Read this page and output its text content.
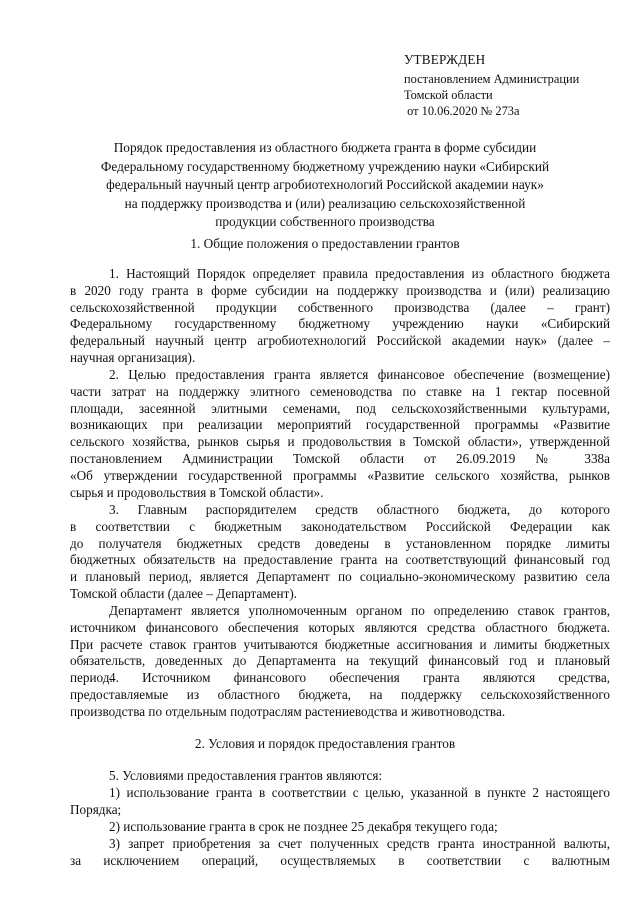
УТВЕРЖДЕН
постановлением Администрации
Томской области
от 10.06.2020 № 273а
Порядок предоставления из областного бюджета гранта в форме субсидии
Федеральному государственному бюджетному учреждению науки «Сибирский
федеральный научный центр агробиотехнологий Российской академии наук»
на поддержку производства и (или) реализацию сельскохозяйственной
продукции собственного производства
1. Общие положения о предоставлении грантов
1. Настоящий Порядок определяет правила предоставления из областного бюджета
в 2020 году гранта в форме субсидии на поддержку производства и (или) реализацию
сельскохозяйственной продукции собственного производства (далее – грант)
Федеральному государственному бюджетному учреждению науки «Сибирский
федеральный научный центр агробиотехнологий Российской академии наук» (далее –
научная организация).
2. Целью предоставления гранта является финансовое обеспечение (возмещение)
части затрат на поддержку элитного семеноводства по ставке на 1 гектар посевной
площади, засеянной элитными семенами, под сельскохозяйственными культурами,
возникающих при реализации мероприятий государственной программы «Развитие
сельского хозяйства, рынков сырья и продовольствия в Томской области», утвержденной
постановлением Администрации Томской области от 26.09.2019 № 338а
«Об утверждении государственной программы «Развитие сельского хозяйства, рынков
сырья и продовольствия в Томской области».
3. Главным распорядителем средств областного бюджета, до которого
в соответствии с бюджетным законодательством Российской Федерации как
до получателя бюджетных средств доведены в установленном порядке лимиты
бюджетных обязательств на предоставление гранта на соответствующий финансовый год
и плановый период, является Департамент по социально-экономическому развитию села
Томской области (далее – Департамент).
Департамент является уполномоченным органом по определению ставок грантов,
источником финансового обеспечения которых являются средства областного бюджета.
При расчете ставок грантов учитываются бюджетные ассигнования и лимиты бюджетных
обязательств, доведенных до Департамента на текущий финансовый год и плановый
период.
4. Источником финансового обеспечения гранта являются средства,
предоставляемые из областного бюджета, на поддержку сельскохозяйственного
производства по отдельным подотраслям растениеводства и животноводства.
2. Условия и порядок предоставления грантов
5. Условиями предоставления грантов являются:
1) использование гранта в соответствии с целью, указанной в пункте 2 настоящего
Порядка;
2) использование гранта в срок не позднее 25 декабря текущего года;
3) запрет приобретения за счет полученных средств гранта иностранной валюты,
за исключением операций, осуществляемых в соответствии с валютным
